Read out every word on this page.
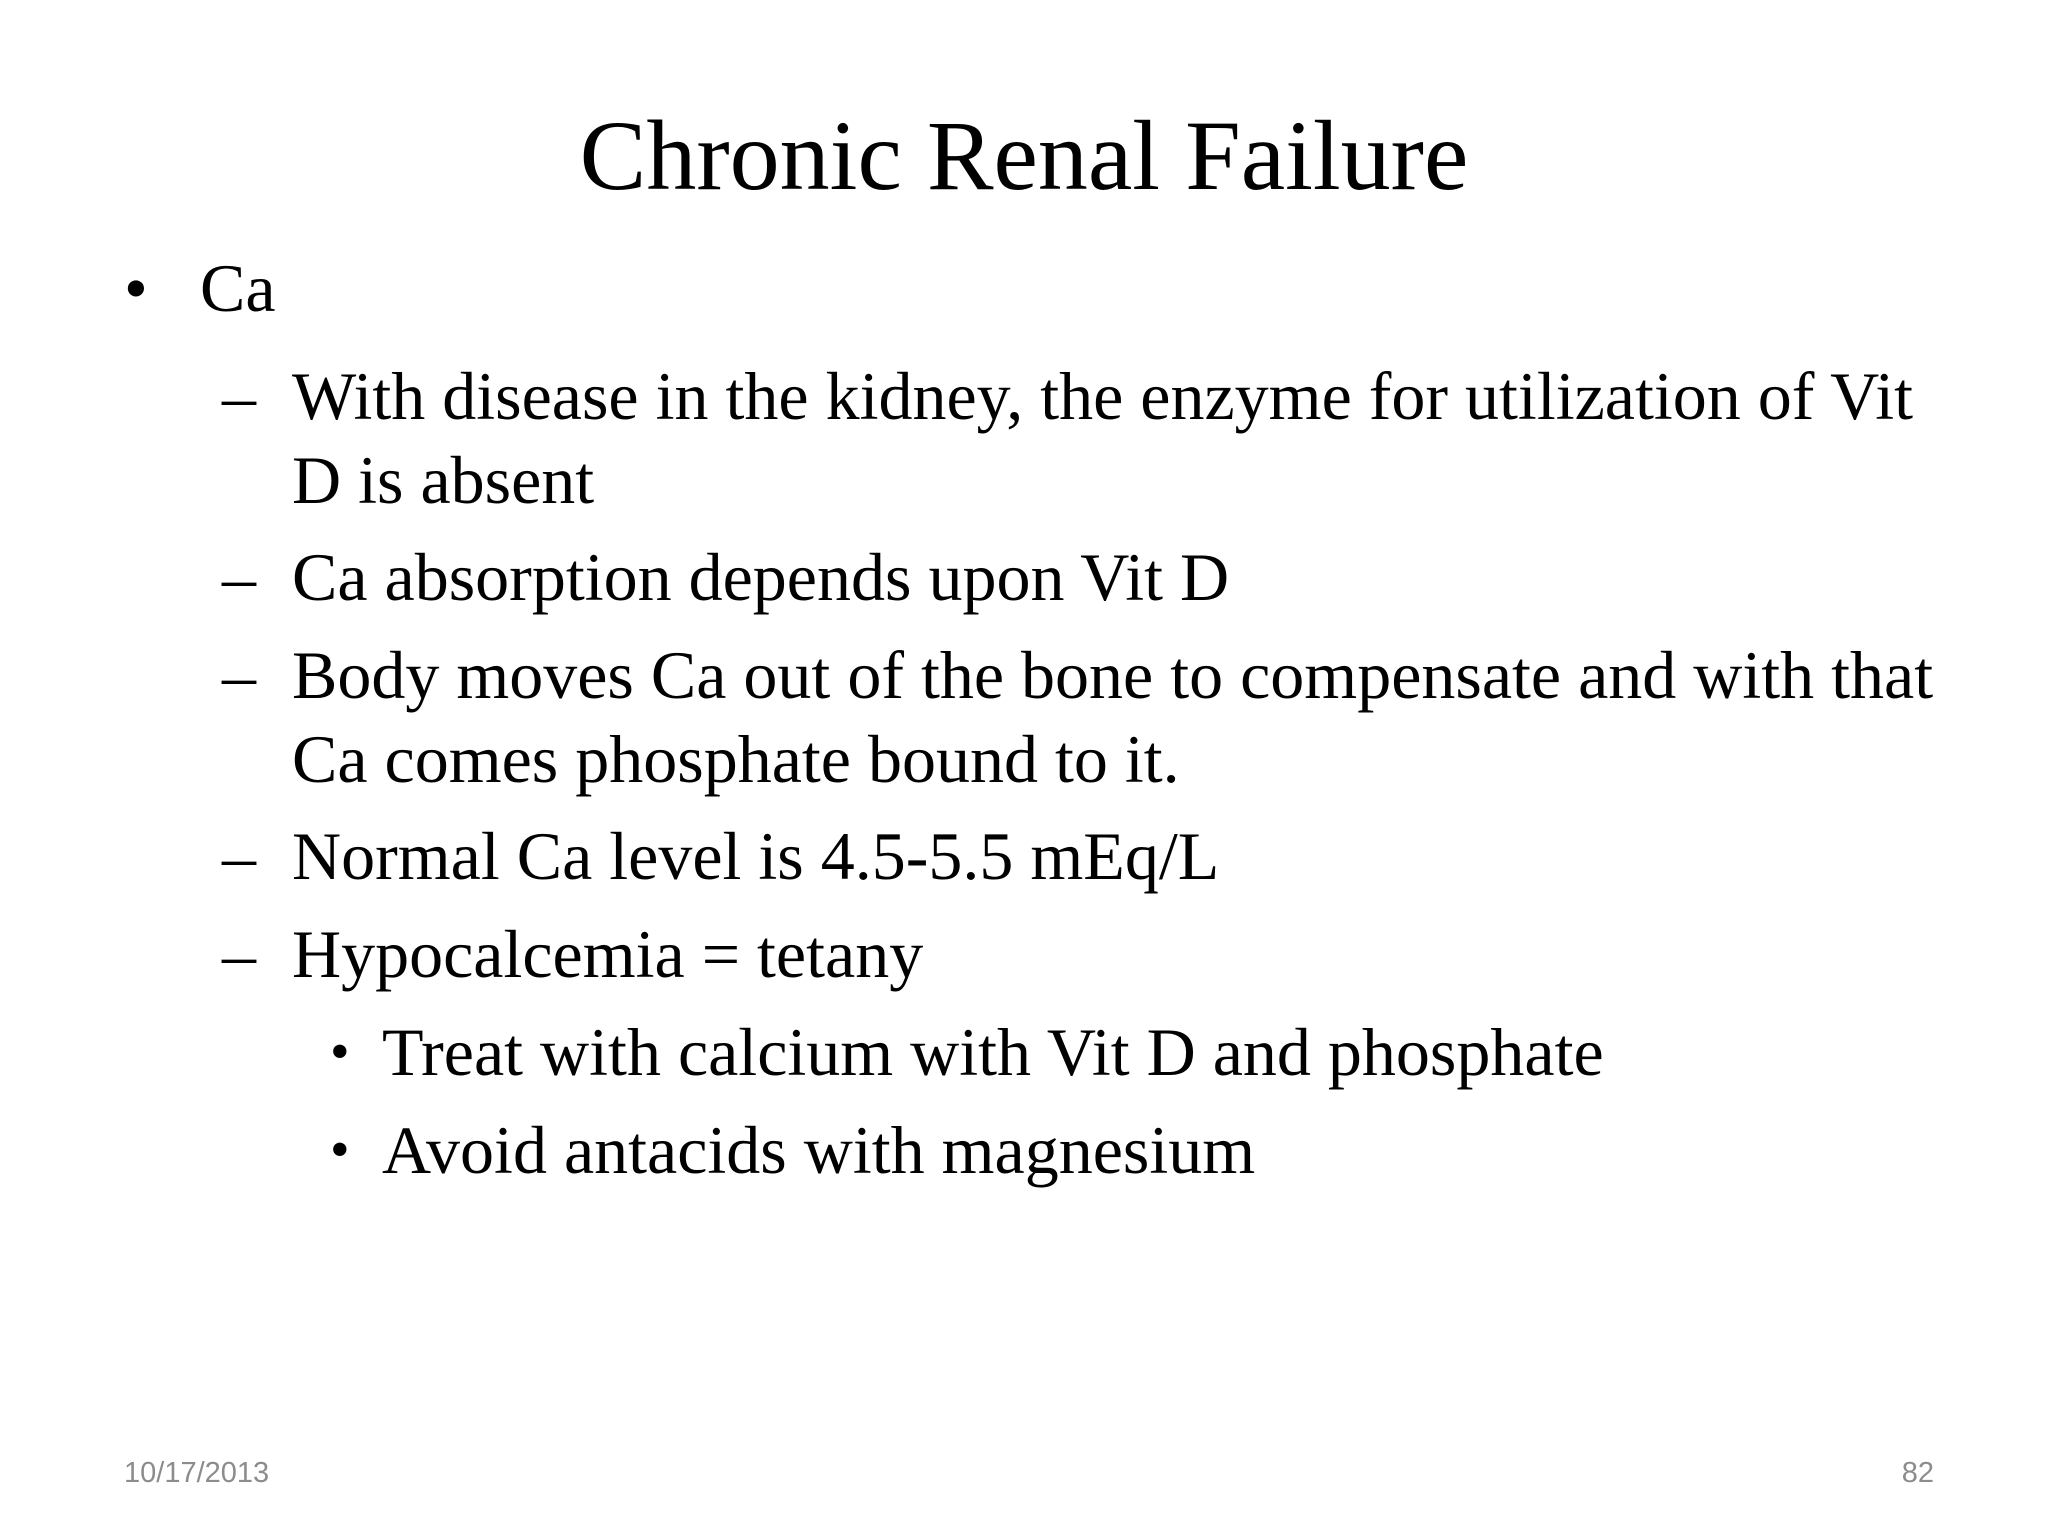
Chronic Renal Failure
• Ca
– With disease in the kidney, the enzyme for utilization of Vit D is absent
– Ca absorption depends upon Vit D
– Body moves Ca out of the bone to compensate and with that Ca comes phosphate bound to it.
– Normal Ca level is 4.5-5.5 mEq/L
– Hypocalcemia = tetany
• Treat with calcium with Vit D and phosphate
• Avoid antacids with magnesium
10/17/2013	82
